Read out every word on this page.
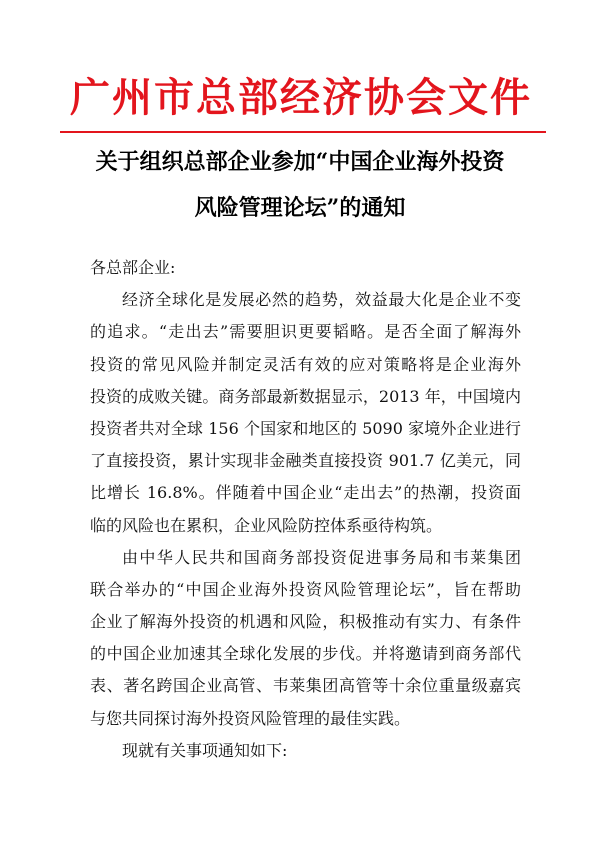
广州市总部经济协会文件
关于组织总部企业参加“中国企业海外投资
风险管理论坛”的通知
各总部企业:
经济全球化是发展必然的趋势，效益最大化是企业不变
的追求。“走出去”需要胆识更要韬略。是否全面了解海外
投资的常见风险并制定灵活有效的应对策略将是企业海外
投资的成败关键。商务部最新数据显示，2013 年，中国境内
投资者共对全球 156 个国家和地区的 5090 家境外企业进行
了直接投资，累计实现非金融类直接投资 901.7 亿美元，同
比增长 16.8%。伴随着中国企业“走出去”的热潮，投资面
临的风险也在累积，企业风险防控体系亟待构筑。
由中华人民共和国商务部投资促进事务局和韦莱集团
联合举办的“中国企业海外投资风险管理论坛”，旨在帮助
企业了解海外投资的机遇和风险，积极推动有实力、有条件
的中国企业加速其全球化发展的步伐。并将邀请到商务部代
表、著名跨国企业高管、韦莱集团高管等十余位重量级嘉宾
与您共同探讨海外投资风险管理的最佳实践。
现就有关事项通知如下:
